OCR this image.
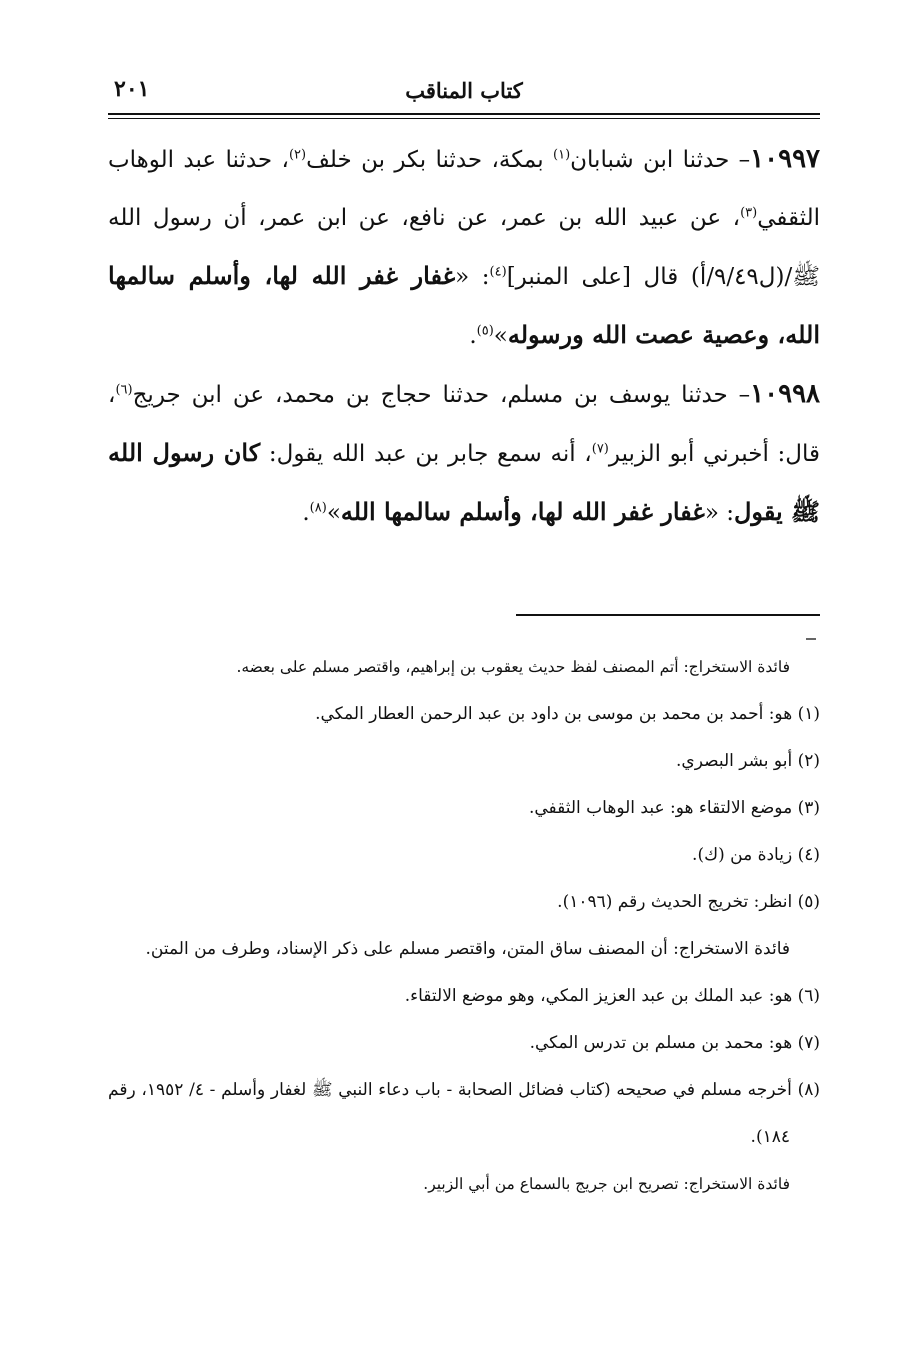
كتاب المناقب
٢٠١

١٠٩٩٧– حدثنا ابن شبابان$^{(١)}$ بمكة، حدثنا بكر بن خلف$^{(٢)}$، حدثنا عبد الوهاب الثقفي$^{(٣)}$، عن عبيد الله بن عمر، عن نافع، عن ابن عمر، أن رسول الله ﷺ/(ل٩/٤٩/أ) قال [على المنبر]$^{(٤)}$: «غفار غفر الله لها، وأسلم سالمها الله، وعصية عصت الله ورسوله»$^{(٥)}$.

١٠٩٩٨– حدثنا يوسف بن مسلم، حدثنا حجاج بن محمد، عن ابن جريج$^{(٦)}$، قال: أخبرني أبو الزبير$^{(٧)}$، أنه سمع جابر بن عبد الله يقول: كان رسول الله ﷺ يقول: «غفار غفر الله لها، وأسلم سالمها الله»$^{(٨)}$.

فائدة الاستخراج: أتم المصنف لفظ حديث يعقوب بن إبراهيم، واقتصر مسلم على بعضه.

(١) هو: أحمد بن محمد بن موسى بن داود بن عبد الرحمن العطار المكي.

(٢) أبو بشر البصري.

(٣) موضع الالتقاء هو: عبد الوهاب الثقفي.

(٤) زيادة من (ك).

(٥) انظر: تخريج الحديث رقم (١٠٩٦).

فائدة الاستخراج: أن المصنف ساق المتن، واقتصر مسلم على ذكر الإسناد، وطرف من المتن.

(٦) هو: عبد الملك بن عبد العزيز المكي، وهو موضع الالتقاء.

(٧) هو: محمد بن مسلم بن تدرس المكي.

(٨) أخرجه مسلم في صحيحه (كتاب فضائل الصحابة - باب دعاء النبي ﷺ لغفار وأسلم - ٤/ ١٩٥٢، رقم ١٨٤).

فائدة الاستخراج: تصريح ابن جريج بالسماع من أبي الزبير.
